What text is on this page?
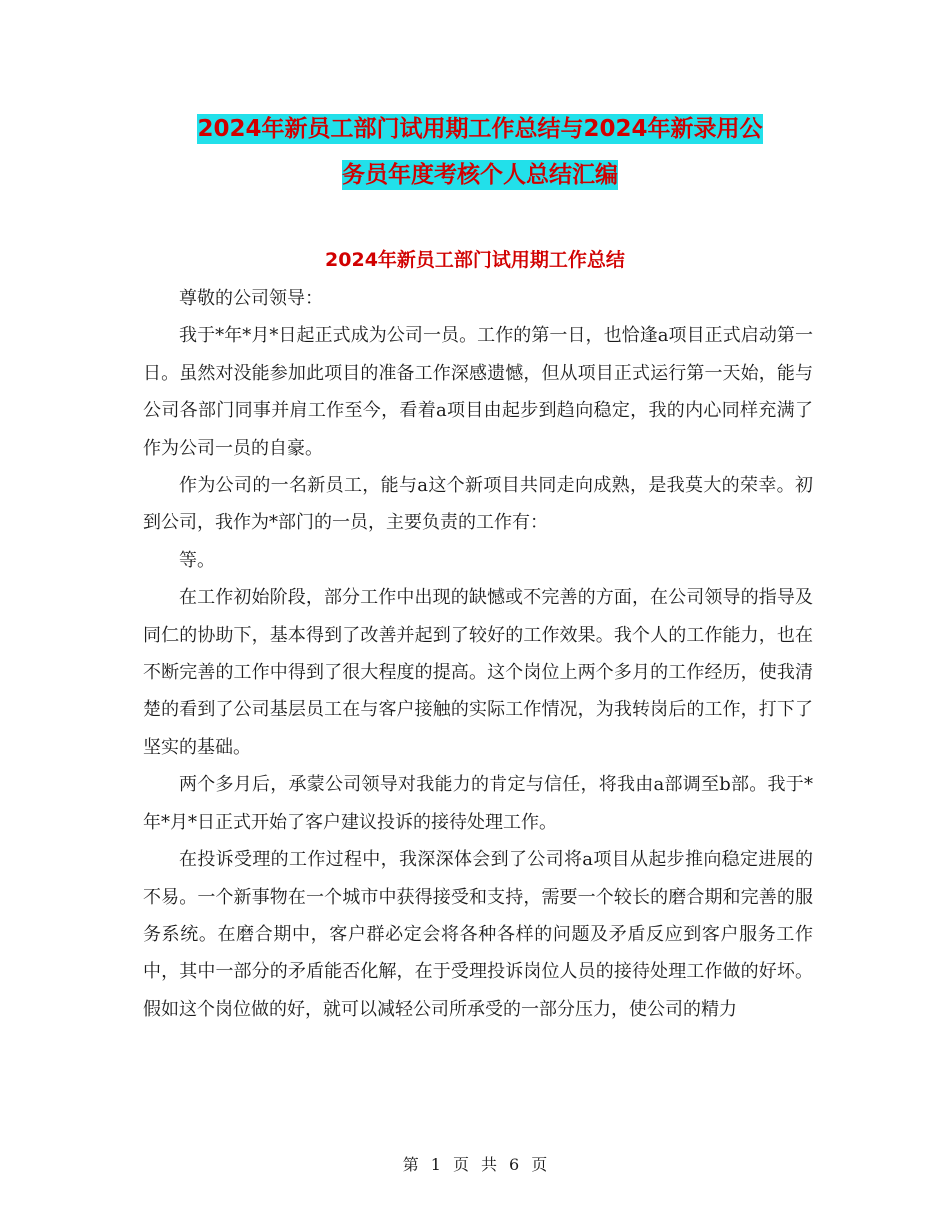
2024年新员工部门试用期工作总结与2024年新录用公
务员年度考核个人总结汇编
2024年新员工部门试用期工作总结

尊敬的公司领导：

我于*年*月*日起正式成为公司一员。工作的第一日，也恰逢a项目正式启动第一日。虽然对没能参加此项目的准备工作深感遗憾，但从项目正式运行第一天始，能与公司各部门同事并肩工作至今，看着a项目由起步到趋向稳定，我的内心同样充满了作为公司一员的自豪。

作为公司的一名新员工，能与a这个新项目共同走向成熟，是我莫大的荣幸。初到公司，我作为*部门的一员，主要负责的工作有：

等。

在工作初始阶段，部分工作中出现的缺憾或不完善的方面，在公司领导的指导及同仁的协助下，基本得到了改善并起到了较好的工作效果。我个人的工作能力，也在不断完善的工作中得到了很大程度的提高。这个岗位上两个多月的工作经历，使我清楚的看到了公司基层员工在与客户接触的实际工作情况，为我转岗后的工作，打下了坚实的基础。

两个多月后，承蒙公司领导对我能力的肯定与信任，将我由a部调至b部。我于*年*月*日正式开始了客户建议投诉的接待处理工作。

在投诉受理的工作过程中，我深深体会到了公司将a项目从起步推向稳定进展的不易。一个新事物在一个城市中获得接受和支持，需要一个较长的磨合期和完善的服务系统。在磨合期中，客户群必定会将各种各样的问题及矛盾反应到客户服务工作中，其中一部分的矛盾能否化解，在于受理投诉岗位人员的接待处理工作做的好坏。假如这个岗位做的好，就可以减轻公司所承受的一部分压力，使公司的精力

第 1 页 共 6 页
